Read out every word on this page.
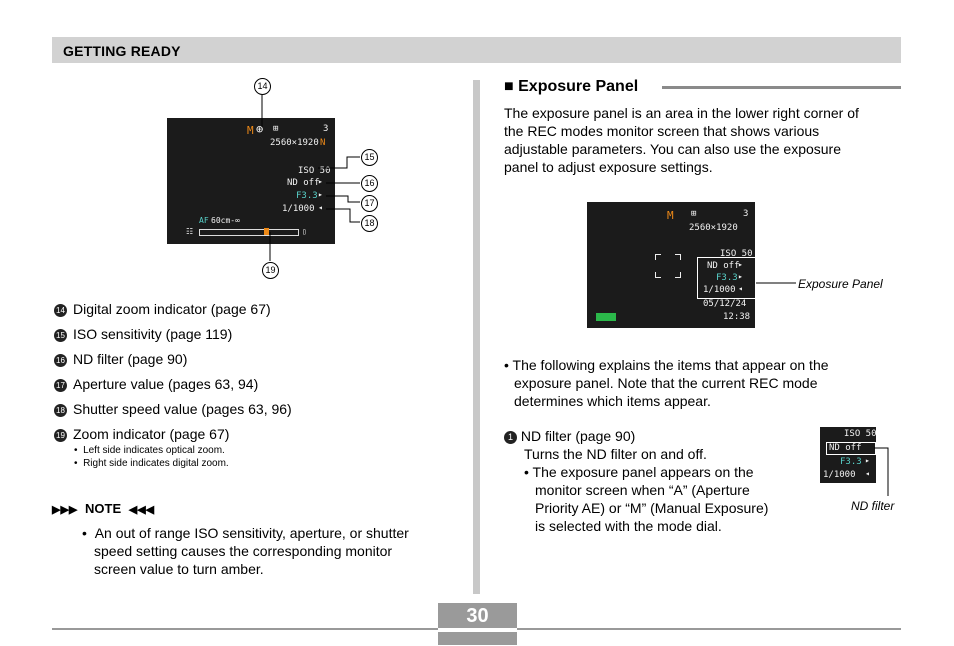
GETTING READY
M ⊕ ⊞	3
2560×1920 N
ISO 50
ND off
▸
F3.3 ▸
1/1000 ◂
AF 60cm-∞
☷	▯
14
15
16
17
18
19
14 Digital zoom indicator (page 67)
15 ISO sensitivity (page 119)
16 ND filter (page 90)
17 Aperture value (pages 63, 94)
18 Shutter speed value (pages 63, 96)
19 Zoom indicator (page 67)
•  Left side indicates optical zoom.
•  Right side indicates digital zoom.
▶▶▶ NOTE ◀◀◀
•  An out of range ISO sensitivity, aperture, or shutter
speed setting causes the corresponding monitor
screen value to turn amber.
■ Exposure Panel
The exposure panel is an area in the lower right corner of
the REC modes monitor screen that shows various
adjustable parameters. You can also use the exposure
panel to adjust exposure settings.
M ⊞	3
2560×1920
ISO 50
ND off
▸
F3.3 ▸
1/1000 ◂
05/12/24
12:38
Exposure Panel
• The following explains the items that appear on the
exposure panel. Note that the current REC mode
determines which items appear.
1 ND filter (page 90)
Turns the ND filter on and off.
• The exposure panel appears on the
monitor screen when “A” (Aperture
Priority AE) or “M” (Manual Exposure)
is selected with the mode dial.
ISO 50
ND off
F3.3 ▸
1/1000 ◂
ND filter
30
